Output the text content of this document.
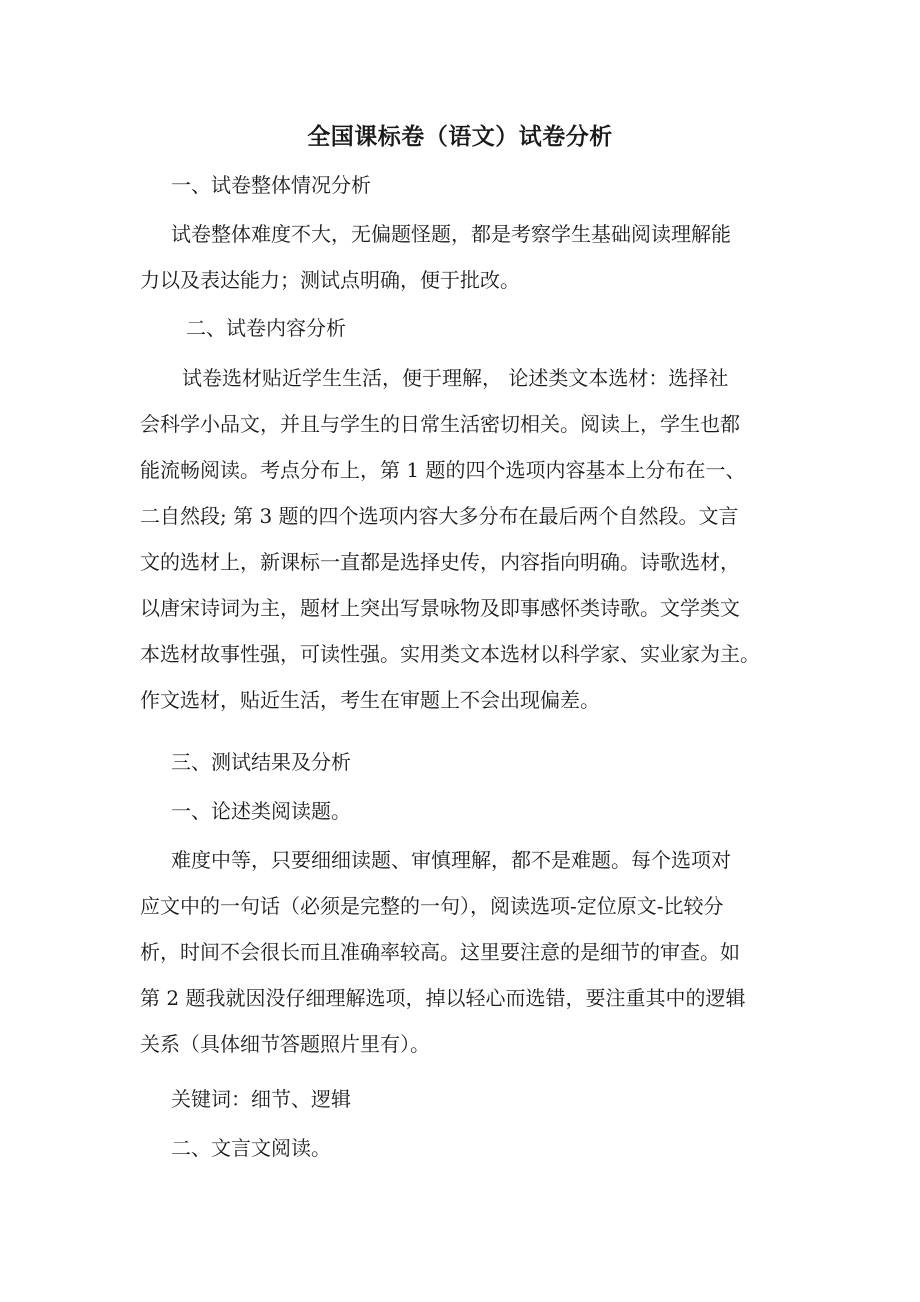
全国课标卷（语文）试卷分析
一、试卷整体情况分析
试卷整体难度不大，无偏题怪题，都是考察学生基础阅读理解能
力以及表达能力；测试点明确，便于批改。
二、试卷内容分析
试卷选材贴近学生生活，便于理解， 论述类文本选材：选择社
会科学小品文，并且与学生的日常生活密切相关。阅读上，学生也都
能流畅阅读。考点分布上，第 1 题的四个选项内容基本上分布在一、
二自然段; 第 3 题的四个选项内容大多分布在最后两个自然段。文言
文的选材上，新课标一直都是选择史传，内容指向明确。诗歌选材，
以唐宋诗词为主，题材上突出写景咏物及即事感怀类诗歌。文学类文
本选材故事性强，可读性强。实用类文本选材以科学家、实业家为主。
作文选材，贴近生活，考生在审题上不会出现偏差。
三、测试结果及分析
一、论述类阅读题。
难度中等，只要细细读题、审慎理解，都不是难题。每个选项对
应文中的一句话（必须是完整的一句），阅读选项-定位原文-比较分
析，时间不会很长而且准确率较高。这里要注意的是细节的审查。如
第 2 题我就因没仔细理解选项，掉以轻心而选错，要注重其中的逻辑
关系（具体细节答题照片里有）。
关键词：细节、逻辑
二、文言文阅读。
